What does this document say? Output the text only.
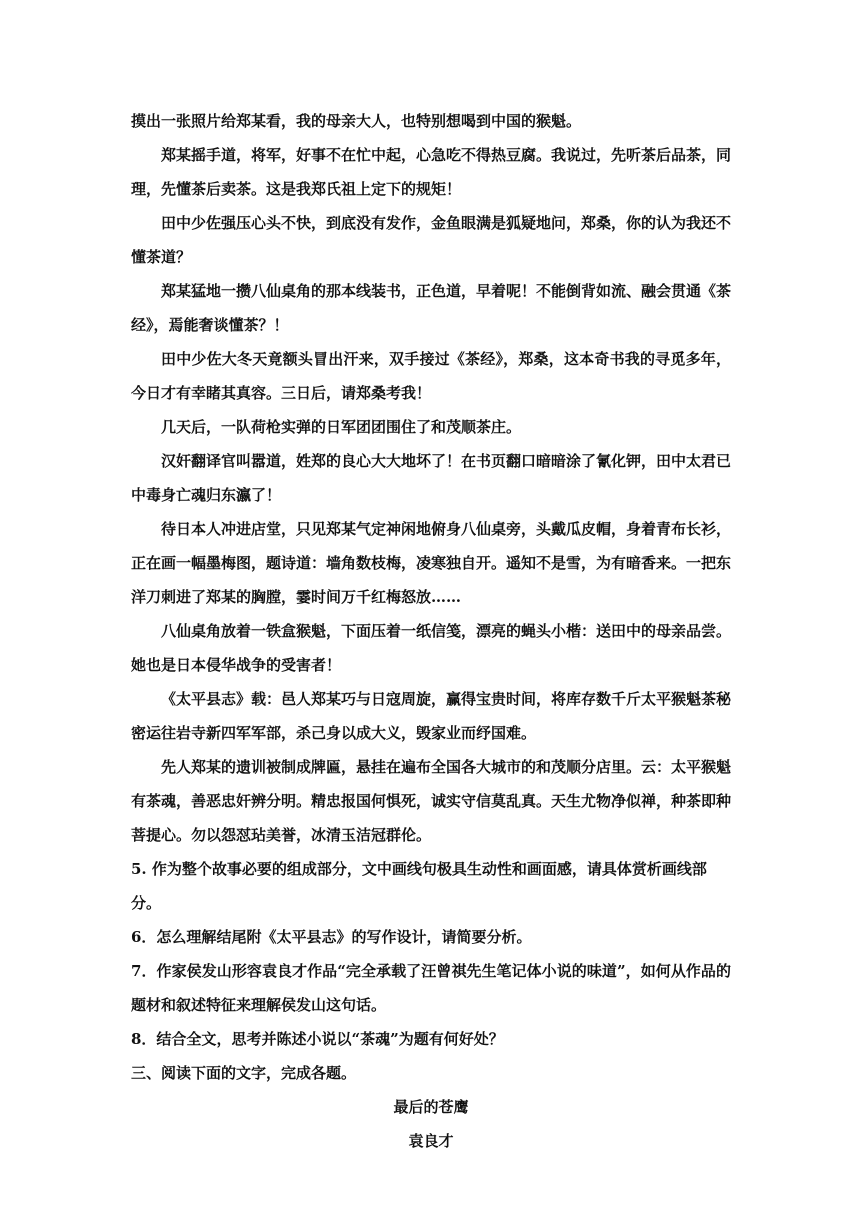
摸出一张照片给郑某看，我的母亲大人，也特别想喝到中国的猴魁。

郑某摇手道，将军，好事不在忙中起，心急吃不得热豆腐。我说过，先听茶后品茶，同理，先懂茶后卖茶。这是我郑氏祖上定下的规矩！

田中少佐强压心头不快，到底没有发作，金鱼眼满是狐疑地问，郑桑，你的认为我还不懂茶道？

郑某猛地一攒八仙桌角的那本线装书，正色道，早着呢！不能倒背如流、融会贯通《茶经》，焉能奢谈懂茶？！

田中少佐大冬天竟额头冒出汗来，双手接过《茶经》，郑桑，这本奇书我的寻觅多年，今日才有幸睹其真容。三日后，请郑桑考我！

几天后，一队荷枪实弹的日军团团围住了和茂顺茶庄。

汉奸翻译官叫嚣道，姓郑的良心大大地坏了！在书页翻口暗暗涂了氰化钾，田中太君已中毒身亡魂归东瀛了！

待日本人冲进店堂，只见郑某气定神闲地俯身八仙桌旁，头戴瓜皮帽，身着青布长衫，正在画一幅墨梅图，题诗道：墙角数枝梅，凌寒独自开。遥知不是雪，为有暗香来。一把东洋刀刺进了郑某的胸膛，霎时间万千红梅怒放……

八仙桌角放着一铁盒猴魁，下面压着一纸信笺，漂亮的蝇头小楷：送田中的母亲品尝。她也是日本侵华战争的受害者！

《太平县志》载：邑人郑某巧与日寇周旋，赢得宝贵时间，将库存数千斤太平猴魁茶秘密运往岩寺新四军军部，杀己身以成大义，毁家业而纾国难。

先人郑某的遗训被制成牌匾，悬挂在遍布全国各大城市的和茂顺分店里。云：太平猴魁有茶魂，善恶忠奸辨分明。精忠报国何惧死，诚实守信莫乱真。天生尤物净似禅，种茶即种菩提心。勿以怨怼玷美誉，冰清玉洁冠群伦。

5. 作为整个故事必要的组成部分，文中画线句极具生动性和画面感，请具体赏析画线部分。

6．怎么理解结尾附《太平县志》的写作设计，请简要分析。

7．作家侯发山形容袁良才作品“完全承载了汪曾祺先生笔记体小说的味道”，如何从作品的题材和叙述特征来理解侯发山这句话。

8．结合全文，思考并陈述小说以“茶魂”为题有何好处？

三、阅读下面的文字，完成各题。

最后的苍鹰

袁良才
